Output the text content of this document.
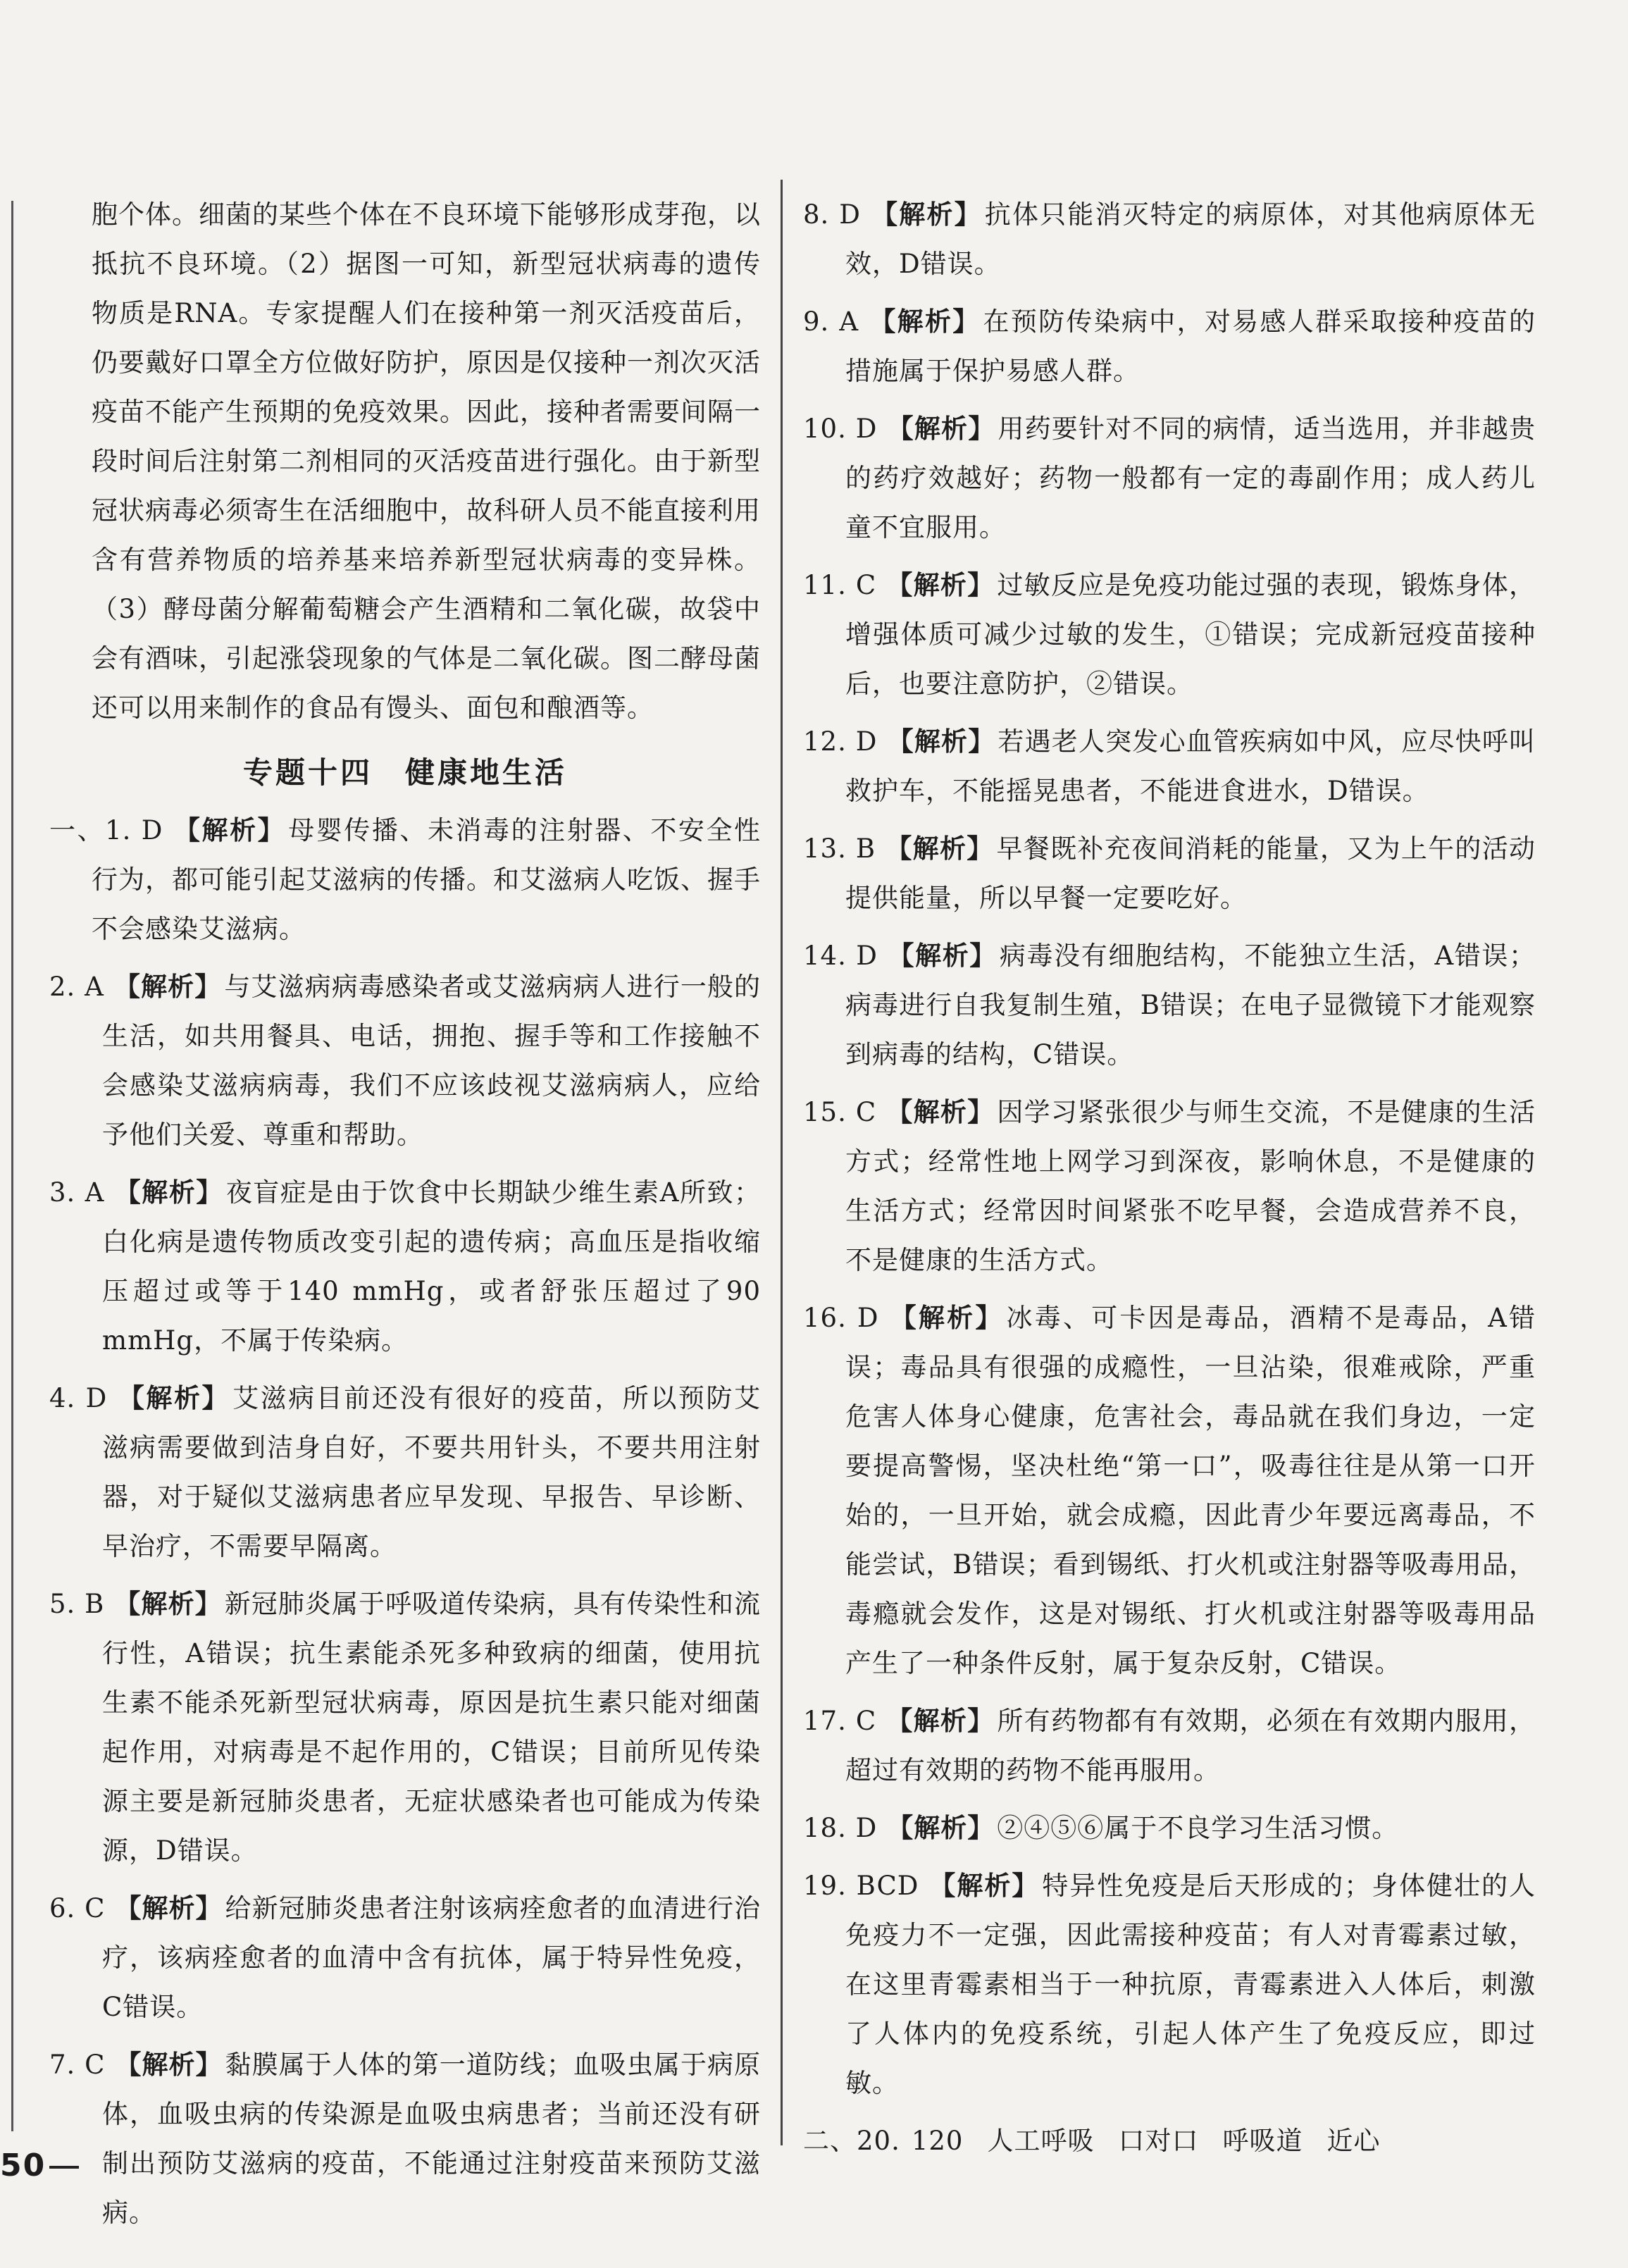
胞个体。细菌的某些个体在不良环境下能够形成芽孢，以抵抗不良环境。（2）据图一可知，新型冠状病毒的遗传物质是RNA。专家提醒人们在接种第一剂灭活疫苗后，仍要戴好口罩全方位做好防护，原因是仅接种一剂次灭活疫苗不能产生预期的免疫效果。因此，接种者需要间隔一段时间后注射第二剂相同的灭活疫苗进行强化。由于新型冠状病毒必须寄生在活细胞中，故科研人员不能直接利用含有营养物质的培养基来培养新型冠状病毒的变异株。（3）酵母菌分解葡萄糖会产生酒精和二氧化碳，故袋中会有酒味，引起涨袋现象的气体是二氧化碳。图二酵母菌还可以用来制作的食品有馒头、面包和酿酒等。

专题十四　健康地生活

一、1. D 【解析】 母婴传播、未消毒的注射器、不安全性行为，都可能引起艾滋病的传播。和艾滋病人吃饭、握手不会感染艾滋病。

2. A 【解析】 与艾滋病病毒感染者或艾滋病病人进行一般的生活，如共用餐具、电话，拥抱、握手等和工作接触不会感染艾滋病病毒，我们不应该歧视艾滋病病人，应给予他们关爱、尊重和帮助。

3. A 【解析】 夜盲症是由于饮食中长期缺少维生素A所致；白化病是遗传物质改变引起的遗传病；高血压是指收缩压超过或等于140 mmHg，或者舒张压超过了90 mmHg，不属于传染病。

4. D 【解析】 艾滋病目前还没有很好的疫苗，所以预防艾滋病需要做到洁身自好，不要共用针头，不要共用注射器，对于疑似艾滋病患者应早发现、早报告、早诊断、早治疗，不需要早隔离。

5. B 【解析】 新冠肺炎属于呼吸道传染病，具有传染性和流行性，A错误；抗生素能杀死多种致病的细菌，使用抗生素不能杀死新型冠状病毒，原因是抗生素只能对细菌起作用，对病毒是不起作用的，C错误；目前所见传染源主要是新冠肺炎患者，无症状感染者也可能成为传染源，D错误。

6. C 【解析】 给新冠肺炎患者注射该病痊愈者的血清进行治疗，该病痊愈者的血清中含有抗体，属于特异性免疫，C错误。

7. C 【解析】 黏膜属于人体的第一道防线；血吸虫属于病原体，血吸虫病的传染源是血吸虫病患者；当前还没有研制出预防艾滋病的疫苗，不能通过注射疫苗来预防艾滋病。

8. D 【解析】 抗体只能消灭特定的病原体，对其他病原体无效，D错误。

9. A 【解析】 在预防传染病中，对易感人群采取接种疫苗的措施属于保护易感人群。

10. D 【解析】 用药要针对不同的病情，适当选用，并非越贵的药疗效越好；药物一般都有一定的毒副作用；成人药儿童不宜服用。

11. C 【解析】 过敏反应是免疫功能过强的表现，锻炼身体，增强体质可减少过敏的发生，①错误；完成新冠疫苗接种后，也要注意防护，②错误。

12. D 【解析】 若遇老人突发心血管疾病如中风，应尽快呼叫救护车，不能摇晃患者，不能进食进水，D错误。

13. B 【解析】 早餐既补充夜间消耗的能量，又为上午的活动提供能量，所以早餐一定要吃好。

14. D 【解析】 病毒没有细胞结构，不能独立生活，A错误；病毒进行自我复制生殖，B错误；在电子显微镜下才能观察到病毒的结构，C错误。

15. C 【解析】 因学习紧张很少与师生交流，不是健康的生活方式；经常性地上网学习到深夜，影响休息，不是健康的生活方式；经常因时间紧张不吃早餐，会造成营养不良，不是健康的生活方式。

16. D 【解析】 冰毒、可卡因是毒品，酒精不是毒品，A错误；毒品具有很强的成瘾性，一旦沾染，很难戒除，严重危害人体身心健康，危害社会，毒品就在我们身边，一定要提高警惕，坚决杜绝“第一口”，吸毒往往是从第一口开始的，一旦开始，就会成瘾，因此青少年要远离毒品，不能尝试，B错误；看到锡纸、打火机或注射器等吸毒用品，毒瘾就会发作，这是对锡纸、打火机或注射器等吸毒用品产生了一种条件反射，属于复杂反射，C错误。

17. C 【解析】 所有药物都有有效期，必须在有效期内服用，超过有效期的药物不能再服用。

18. D 【解析】 ②④⑤⑥属于不良学习生活习惯。

19. BCD 【解析】 特异性免疫是后天形成的；身体健壮的人免疫力不一定强，因此需接种疫苗；有人对青霉素过敏，在这里青霉素相当于一种抗原，青霉素进入人体后，刺激了人体内的免疫系统，引起人体产生了免疫反应，即过敏。

二、20. 120 人工呼吸 口对口 呼吸道 近心

50
